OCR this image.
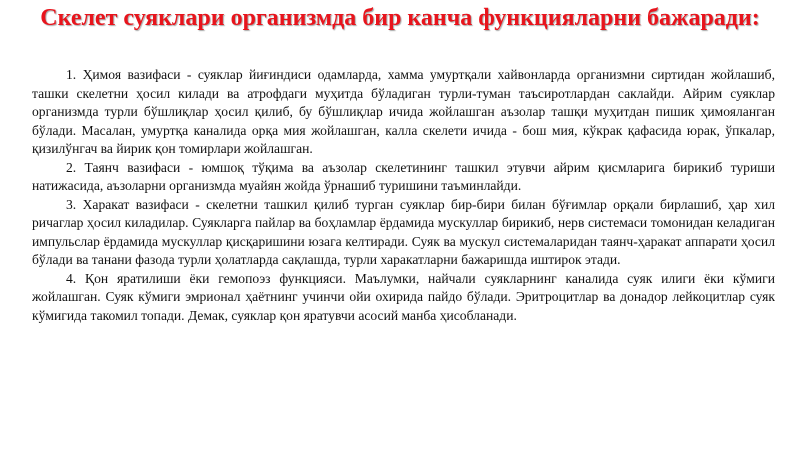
Скелет суяклари организмда бир канча функцияларни бажаради:

1. Ҳимоя вазифаси - суяклар йиғиндиси одамларда, хамма умуртқали хайвонларда организмни сиртидан жойлашиб, ташки скелетни ҳосил килади ва атрофдаги муҳитда бўладиган турли-туман таъсиротлардан саклайди. Айрим суяклар организмда турли бўшлиқлар ҳосил қилиб, бу бўшлиқлар ичида жойлашган аъзолар ташқи муҳитдан пишик ҳимояланган бўлади. Масалан, умуртқа каналида орқа мия жойлашган, калла скелети ичида - бош мия, кўкрак қафасида юрак, ўпкалар, қизилўнгач ва йирик қон томирлари жойлашган.

2. Таянч вазифаси - юмшоқ тўқима ва аъзолар скелетининг ташкил этувчи айрим қисмларига бирикиб туриши натижасида, аъзоларни организмда муайян жойда ўрнашиб туришини таъминлайди.

3. Харакат вазифаси - скелетни ташкил қилиб турган суяклар бир-бири билан бўғимлар орқали бирлашиб, ҳар хил ричаглар ҳосил киладилар. Суякларга пайлар ва боҳламлар ёрдамида мускуллар бирикиб, нерв системаси томонидан келадиган импульслар ёрдамида мускуллар қисқаришини юзага келтиради. Суяк ва мускул системаларидан таянч-ҳаракат аппарати ҳосил бўлади ва танани фазода турли ҳолатларда сақлашда, турли харакатларни бажаришда иштирок этади.

4. Қон яратилиши ёки гемопоэз функцияси. Маълумки, найчали суякларнинг каналида суяк илиги ёки кўмиги жойлашган. Суяк кўмиги эмрионал ҳаётнинг учинчи ойи охирида пайдо бўлади. Эритроцитлар ва донадор лейкоцитлар суяк кўмигида такомил топади. Демак, суяклар қон яратувчи асосий манба ҳисобланади.
